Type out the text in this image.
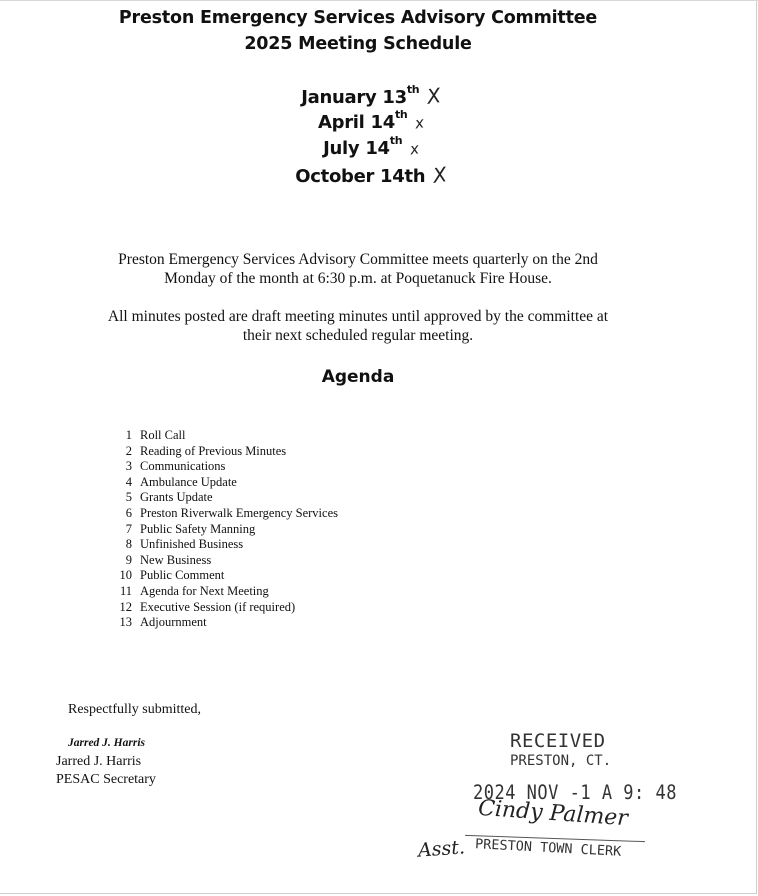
Preston Emergency Services Advisory Committee
2025 Meeting Schedule
January 13th X
April 14th x
July 14th x
October 14th X
Preston Emergency Services Advisory Committee meets quarterly on the 2nd
Monday of the month at 6:30 p.m. at Poquetanuck Fire House.
All minutes posted are draft meeting minutes until approved by the committee at
their next scheduled regular meeting.
Agenda
1 Roll Call
2 Reading of Previous Minutes
3 Communications
4 Ambulance Update
5 Grants Update
6 Preston Riverwalk Emergency Services
7 Public Safety Manning
8 Unfinished Business
9 New Business
10 Public Comment
11 Agenda for Next Meeting
12 Executive Session (if required)
13 Adjournment
Respectfully submitted,
Jarred J. Harris
Jarred J. Harris
PESAC Secretary
RECEIVED
PRESTON, CT.
2024 NOV -1 A 9: 48
Cindy Palmer
Asst. PRESTON TOWN CLERK
